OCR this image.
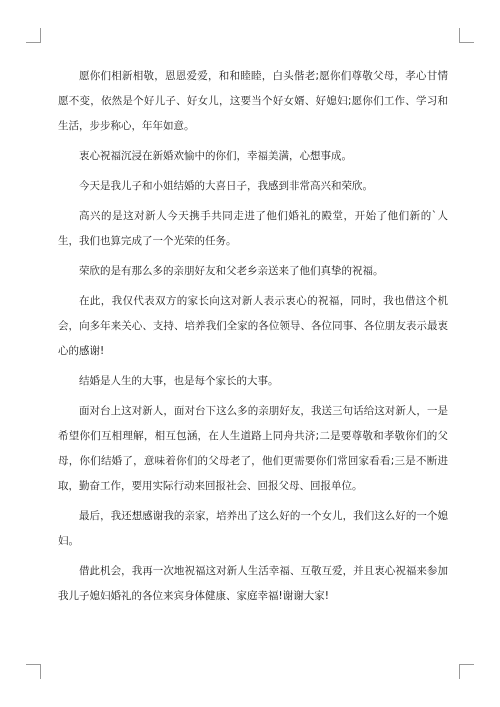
愿你们相新相敬，恩恩爱爱，和和睦睦，白头偕老;愿你们尊敬父母，孝心甘情愿不变，依然是个好儿子、好女儿，这要当个好女婿、好媳妇;愿你们工作、学习和生活，步步称心，年年如意。

衷心祝福沉浸在新婚欢愉中的你们，幸福美满，心想事成。

今天是我儿子和小姐结婚的大喜日子，我感到非常高兴和荣欣。

高兴的是这对新人今天携手共同走进了他们婚礼的殿堂，开始了他们新的`人生，我们也算完成了一个光荣的任务。

荣欣的是有那么多的亲朋好友和父老乡亲送来了他们真挚的祝福。

在此，我仅代表双方的家长向这对新人表示衷心的祝福，同时，我也借这个机会，向多年来关心、支持、培养我们全家的各位领导、各位同事、各位朋友表示最衷心的感谢!

结婚是人生的大事，也是每个家长的大事。

面对台上这对新人，面对台下这么多的亲朋好友，我送三句话给这对新人，一是希望你们互相理解，相互包涵，在人生道路上同舟共济;二是要尊敬和孝敬你们的父母，你们结婚了，意味着你们的父母老了，他们更需要你们常回家看看;三是不断进取，勤奋工作，要用实际行动来回报社会、回报父母、回报单位。

最后，我还想感谢我的亲家，培养出了这么好的一个女儿，我们这么好的一个媳妇。

借此机会，我再一次地祝福这对新人生活幸福、互敬互爱，并且衷心祝福来参加我儿子媳妇婚礼的各位来宾身体健康、家庭幸福!谢谢大家!
